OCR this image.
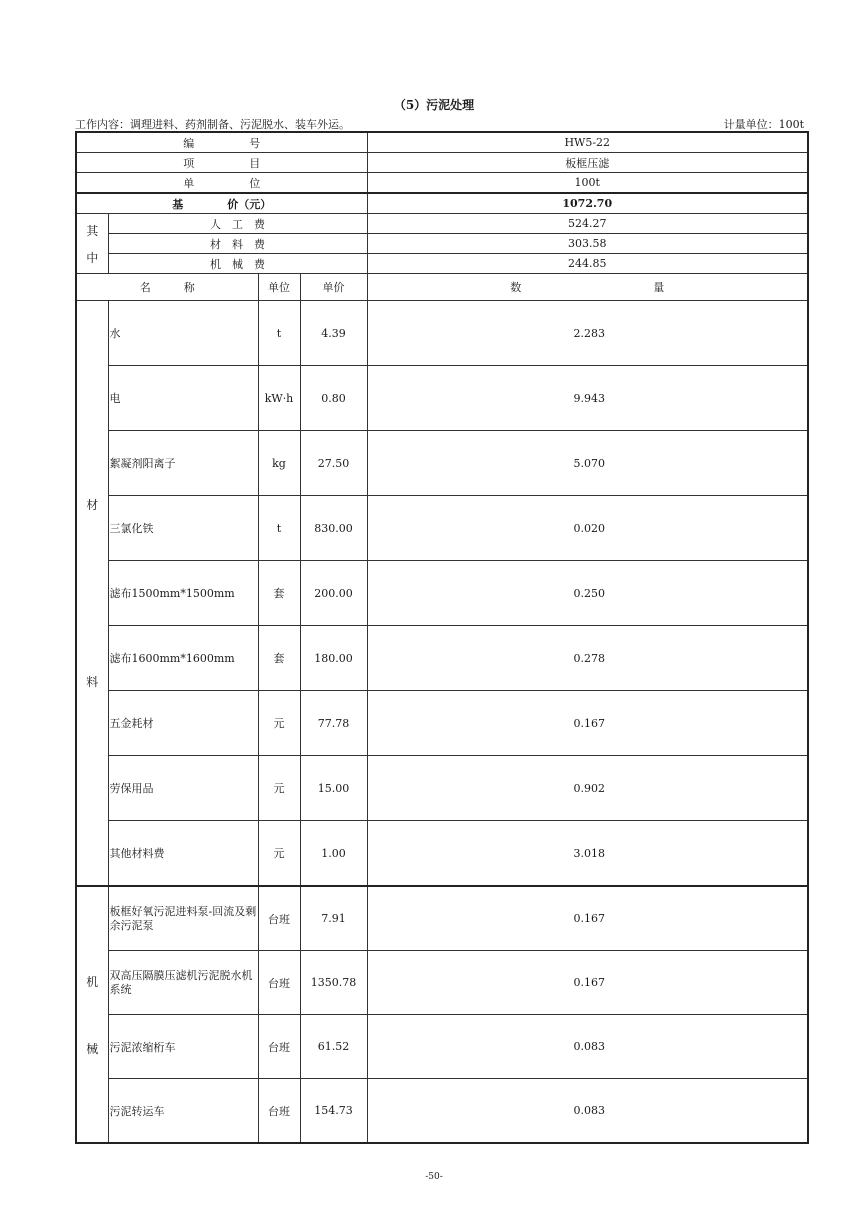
（5）污泥处理
工作内容：调理进料、药剂制备、污泥脱水、装车外运。	计量单位：100t
编　　　　　号				HW5-22
项　　　　　目				板框压滤
单　　　　　位				100t
基　　　　价（元）				1072.70

其
中	人　工　费			524.27
	材　料　费			303.58
	机　械　费			244.85
名　　　称		单位	单价	数　　　　　　　　　　　　量

材
料	水	t	4.39	2.283
	电	kW·h	0.80	9.943
	絮凝剂阳离子	kg	27.50	5.070
	三氯化铁	t	830.00	0.020
	滤布1500mm*1500mm	套	200.00	0.250
	滤布1600mm*1600mm	套	180.00	0.278
	五金耗材	元	77.78	0.167
	劳保用品	元	15.00	0.902
	其他材料费	元	1.00	3.018

机
械	板框好氧污泥进料泵-回流及剩余污泥泵	台班	7.91	0.167
	双高压隔膜压滤机污泥脱水机系统	台班	1350.78	0.167
	污泥浓缩桁车	台班	61.52	0.083
	污泥转运车	台班	154.73	0.083
-50-
